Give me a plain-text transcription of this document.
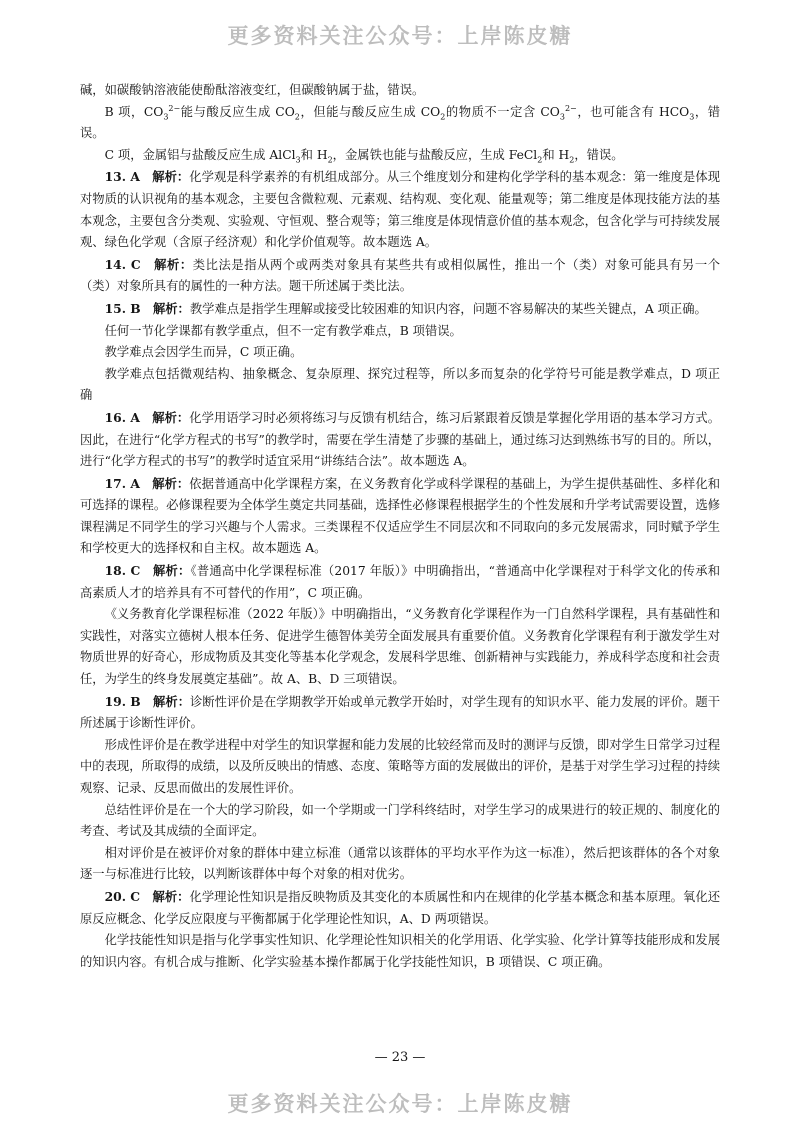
更多资料关注公众号：上岸陈皮糖

碱，如碳酸钠溶液能使酚酞溶液变红，但碳酸钠属于盐，错误。

B 项，$CO_3^{2-}$能与酸反应生成 $CO_2$，但能与酸反应生成 $CO_2$的物质不一定含 $CO_3^{2-}$，也可能含有 $HCO_3$，错误。

C 项，金属铝与盐酸反应生成 AlCl$_3$和 $H_2$，金属铁也能与盐酸反应，生成 FeCl$_2$和 $H_2$，错误。

13. A　解析：化学观是科学素养的有机组成部分。从三个维度划分和建构化学学科的基本观念：第一维度是体现对物质的认识视角的基本观念，主要包含微粒观、元素观、结构观、变化观、能量观等；第二维度是体现技能方法的基本观念，主要包含分类观、实验观、守恒观、整合观等；第三维度是体现情意价值的基本观念，包含化学与可持续发展观、绿色化学观（含原子经济观）和化学价值观等。故本题选 A。

14. C　解析：类比法是指从两个或两类对象具有某些共有或相似属性，推出一个（类）对象可能具有另一个（类）对象所具有的属性的一种方法。题干所述属于类比法。

15. B　解析：教学难点是指学生理解或接受比较困难的知识内容，问题不容易解决的某些关键点，A 项正确。

任何一节化学课都有教学重点，但不一定有教学难点，B 项错误。

教学难点会因学生而异，C 项正确。

教学难点包括微观结构、抽象概念、复杂原理、探究过程等，所以多而复杂的化学符号可能是教学难点，D 项正确

16. A　解析：化学用语学习时必须将练习与反馈有机结合，练习后紧跟着反馈是掌握化学用语的基本学习方式。因此，在进行“化学方程式的书写”的教学时，需要在学生清楚了步骤的基础上，通过练习达到熟练书写的目的。所以，进行“化学方程式的书写”的教学时适宜采用“讲练结合法”。故本题选 A。

17. A　解析：依据普通高中化学课程方案，在义务教育化学或科学课程的基础上，为学生提供基础性、多样化和可选择的课程。必修课程要为全体学生奠定共同基础，选择性必修课程根据学生的个性发展和升学考试需要设置，选修课程满足不同学生的学习兴趣与个人需求。三类课程不仅适应学生不同层次和不同取向的多元发展需求，同时赋予学生和学校更大的选择权和自主权。故本题选 A。

18. C　解析：《普通高中化学课程标准（2017 年版）》中明确指出，“普通高中化学课程对于科学文化的传承和高素质人才的培养具有不可替代的作用”，C 项正确。

《义务教育化学课程标准（2022 年版）》中明确指出，“义务教育化学课程作为一门自然科学课程，具有基础性和实践性，对落实立德树人根本任务、促进学生德智体美劳全面发展具有重要价值。义务教育化学课程有利于激发学生对物质世界的好奇心，形成物质及其变化等基本化学观念，发展科学思维、创新精神与实践能力，养成科学态度和社会责任，为学生的终身发展奠定基础”。故 A、B、D 三项错误。

19. B　解析：诊断性评价是在学期教学开始或单元教学开始时，对学生现有的知识水平、能力发展的评价。题干所述属于诊断性评价。

形成性评价是在教学进程中对学生的知识掌握和能力发展的比较经常而及时的测评与反馈，即对学生日常学习过程中的表现，所取得的成绩，以及所反映出的情感、态度、策略等方面的发展做出的评价，是基于对学生学习过程的持续观察、记录、反思而做出的发展性评价。

总结性评价是在一个大的学习阶段，如一个学期或一门学科终结时，对学生学习的成果进行的较正规的、制度化的考查、考试及其成绩的全面评定。

相对评价是在被评价对象的群体中建立标准（通常以该群体的平均水平作为这一标准），然后把该群体的各个对象逐一与标准进行比较，以判断该群体中每个对象的相对优劣。

20. C　解析：化学理论性知识是指反映物质及其变化的本质属性和内在规律的化学基本概念和基本原理。氧化还原反应概念、化学反应限度与平衡都属于化学理论性知识，A、D 两项错误。

化学技能性知识是指与化学事实性知识、化学理论性知识相关的化学用语、化学实验、化学计算等技能形成和发展的知识内容。有机合成与推断、化学实验基本操作都属于化学技能性知识，B 项错误、C 项正确。

— 23 —
更多资料关注公众号：上岸陈皮糖
